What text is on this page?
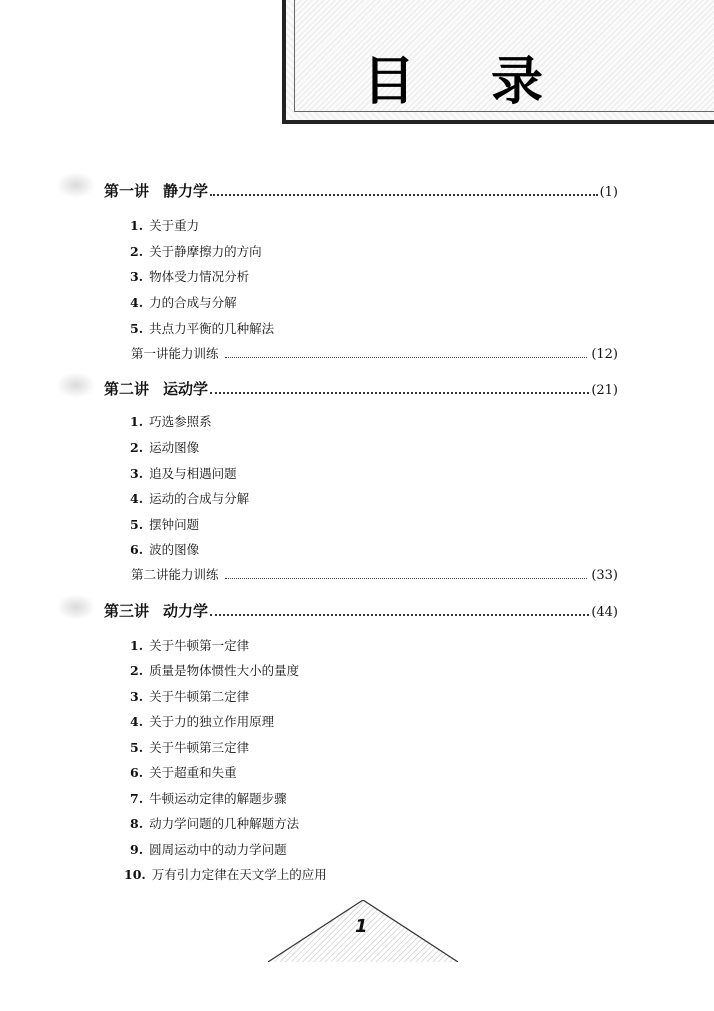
目 录
第一讲 静力学	(1)
1. 关于重力
2. 关于静摩擦力的方向
3. 物体受力情况分析
4. 力的合成与分解
5. 共点力平衡的几种解法
第一讲能力训练	(12)
第二讲 运动学	(21)
1. 巧选参照系
2. 运动图像
3. 追及与相遇问题
4. 运动的合成与分解
5. 摆钟问题
6. 波的图像
第二讲能力训练	(33)
第三讲 动力学	(44)
1. 关于牛顿第一定律
2. 质量是物体惯性大小的量度
3. 关于牛顿第二定律
4. 关于力的独立作用原理
5. 关于牛顿第三定律
6. 关于超重和失重
7. 牛顿运动定律的解题步骤
8. 动力学问题的几种解题方法
9. 圆周运动中的动力学问题
10. 万有引力定律在天文学上的应用
1
